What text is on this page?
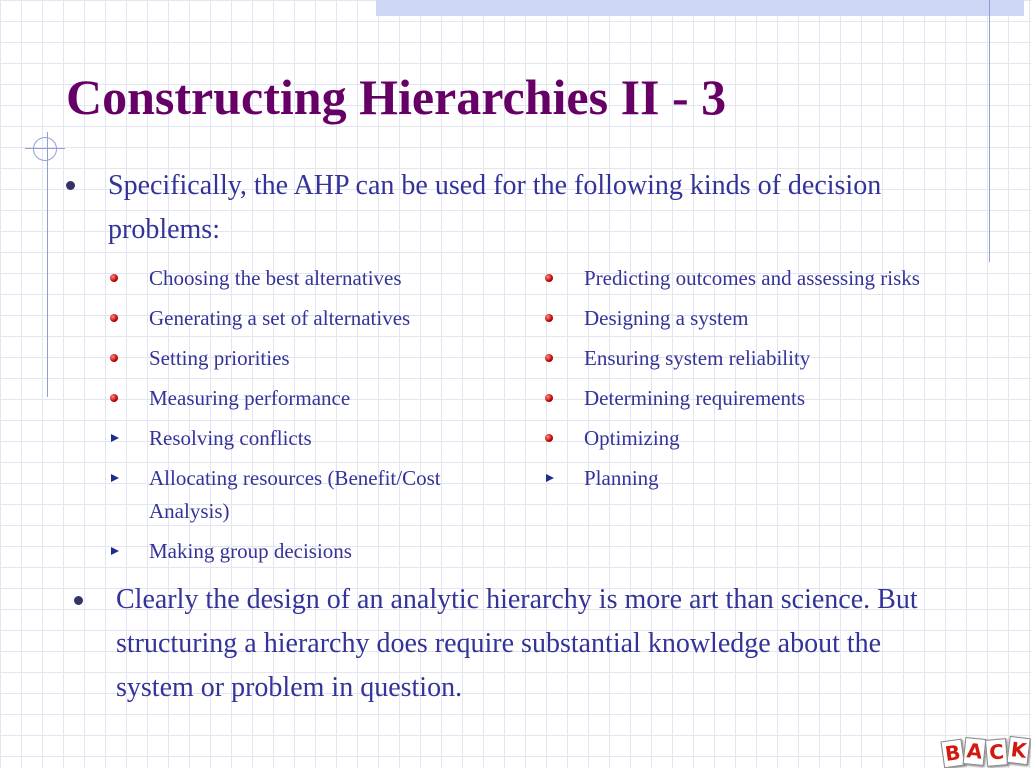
Constructing Hierarchies II - 3
Specifically, the AHP can be used for the following kinds of decision problems:
Choosing the best alternatives
Generating a set of alternatives
Setting priorities
Measuring performance
Resolving conflicts
Allocating resources (Benefit/Cost Analysis)
Making group decisions
Predicting outcomes and assessing risks
Designing a system
Ensuring system reliability
Determining requirements
Optimizing
Planning
Clearly the design of an analytic hierarchy is more art than science. But structuring a hierarchy does require substantial knowledge about the system or problem in question.
B A C K
